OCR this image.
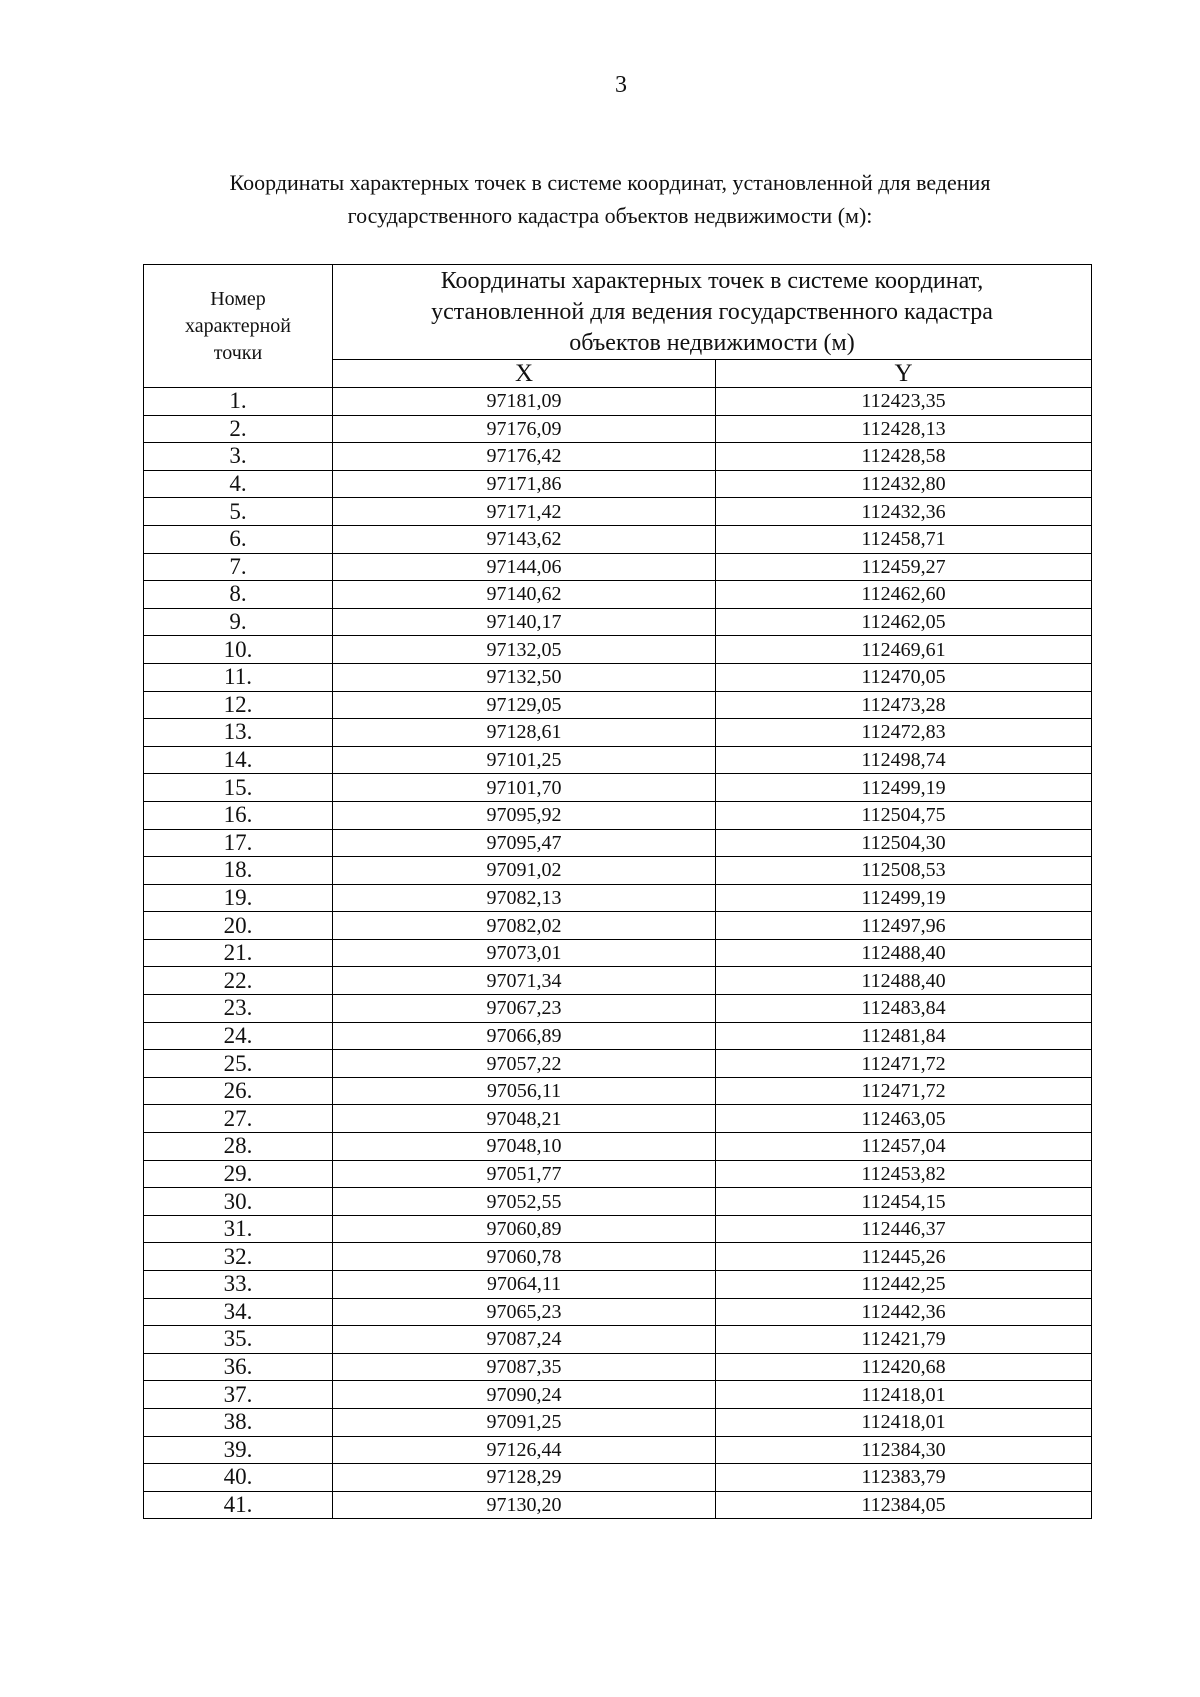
3
Координаты характерных точек в системе координат, установленной для ведения
государственного кадастра объектов недвижимости (м):
Номер
характерной
точки	Координаты характерных точек в системе координат,
установленной для ведения государственного кадастра
объектов недвижимости (м)	

	X	Y
1.	97181,09	112423,35
2.	97176,09	112428,13
3.	97176,42	112428,58
4.	97171,86	112432,80
5.	97171,42	112432,36
6.	97143,62	112458,71
7.	97144,06	112459,27
8.	97140,62	112462,60
9.	97140,17	112462,05
10.	97132,05	112469,61
11.	97132,50	112470,05
12.	97129,05	112473,28
13.	97128,61	112472,83
14.	97101,25	112498,74
15.	97101,70	112499,19
16.	97095,92	112504,75
17.	97095,47	112504,30
18.	97091,02	112508,53
19.	97082,13	112499,19
20.	97082,02	112497,96
21.	97073,01	112488,40
22.	97071,34	112488,40
23.	97067,23	112483,84
24.	97066,89	112481,84
25.	97057,22	112471,72
26.	97056,11	112471,72
27.	97048,21	112463,05
28.	97048,10	112457,04
29.	97051,77	112453,82
30.	97052,55	112454,15
31.	97060,89	112446,37
32.	97060,78	112445,26
33.	97064,11	112442,25
34.	97065,23	112442,36
35.	97087,24	112421,79
36.	97087,35	112420,68
37.	97090,24	112418,01
38.	97091,25	112418,01
39.	97126,44	112384,30
40.	97128,29	112383,79
41.	97130,20	112384,05
